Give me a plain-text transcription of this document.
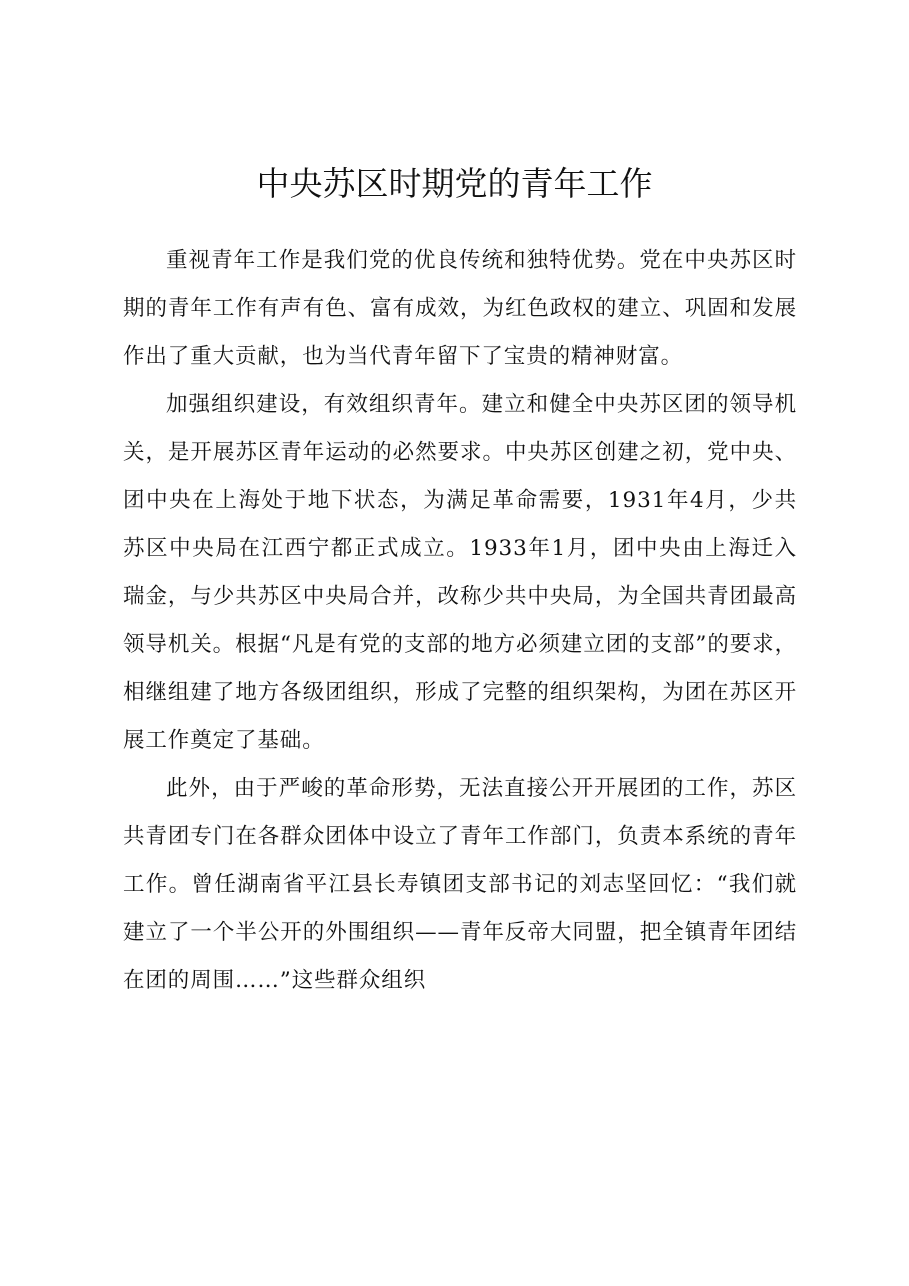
中央苏区时期党的青年工作

重视青年工作是我们党的优良传统和独特优势。党在中央苏区时期的青年工作有声有色、富有成效，为红色政权的建立、巩固和发展作出了重大贡献，也为当代青年留下了宝贵的精神财富。

加强组织建设，有效组织青年。建立和健全中央苏区团的领导机关，是开展苏区青年运动的必然要求。中央苏区创建之初，党中央、团中央在上海处于地下状态，为满足革命需要，1931年4月，少共苏区中央局在江西宁都正式成立。1933年1月，团中央由上海迁入瑞金，与少共苏区中央局合并，改称少共中央局，为全国共青团最高领导机关。根据“凡是有党的支部的地方必须建立团的支部”的要求，相继组建了地方各级团组织，形成了完整的组织架构，为团在苏区开展工作奠定了基础。

此外，由于严峻的革命形势，无法直接公开开展团的工作，苏区共青团专门在各群众团体中设立了青年工作部门，负责本系统的青年工作。曾任湖南省平江县长寿镇团支部书记的刘志坚回忆：“我们就建立了一个半公开的外围组织——青年反帝大同盟，把全镇青年团结在团的周围……”这些群众组织
